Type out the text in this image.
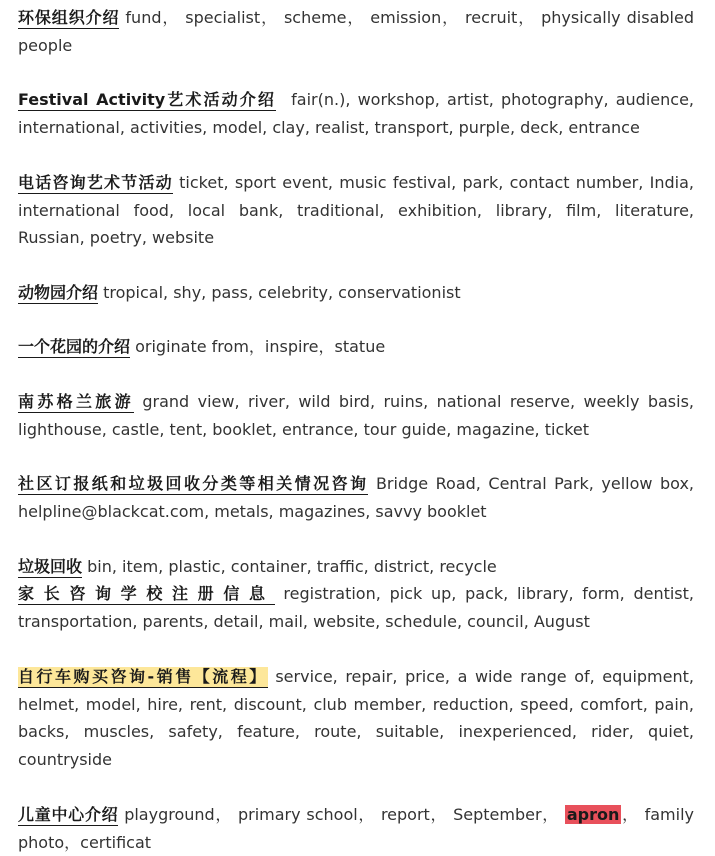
环保组织介绍 fund， specialist， scheme， emission， recruit， physically disabled people
Festival Activity艺术活动介绍 fair(n.), workshop, artist, photography, audience, international, activities, model, clay, realist, transport, purple, deck, entrance
电话咨询艺术节活动 ticket, sport event, music festival, park, contact number, India, international food, local bank, traditional, exhibition, library, film, literature, Russian, poetry, website
动物园介绍 tropical, shy, pass, celebrity, conservationist
一个花园的介绍 originate from，inspire，statue
南苏格兰旅游 grand view, river, wild bird, ruins, national reserve, weekly basis, lighthouse, castle, tent, booklet, entrance, tour guide, magazine, ticket
社区订报纸和垃圾回收分类等相关情况咨询 Bridge Road, Central Park, yellow box, helpline@blackcat.com, metals, magazines, savvy booklet
垃圾回收 bin, item, plastic, container, traffic, district, recycle
家长咨询学校注册信息 registration, pick up, pack, library, form, dentist, transportation, parents, detail, mail, website, schedule, council, August
自行车购买咨询-销售【流程】 service, repair, price, a wide range of, equipment, helmet, model, hire, rent, discount, club member, reduction, speed, comfort, pain, backs, muscles, safety, feature, route, suitable, inexperienced, rider, quiet, countryside
儿童中心介绍 playground， primary school， report， September， apron ， family photo，certificat
